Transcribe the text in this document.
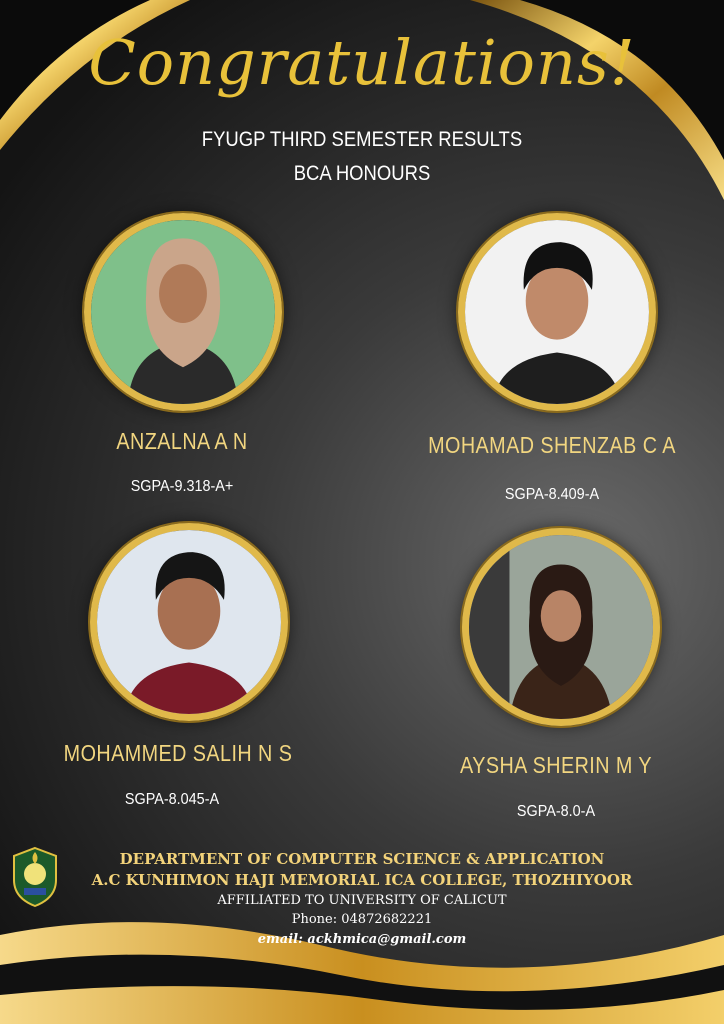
Congratulations!
FYUGP THIRD SEMESTER RESULTS
BCA HONOURS
ANZALNA A N
SGPA-9.318-A+
MOHAMAD SHENZAB C A
SGPA-8.409-A
MOHAMMED SALIH N S
SGPA-8.045-A
AYSHA SHERIN M Y
SGPA-8.0-A
DEPARTMENT OF COMPUTER SCIENCE & APPLICATION
A.C KUNHIMON HAJI MEMORIAL ICA COLLEGE, THOZHIYOOR
AFFILIATED TO UNIVERSITY OF CALICUT
Phone: 04872682221
email: ackhmica@gmail.com
